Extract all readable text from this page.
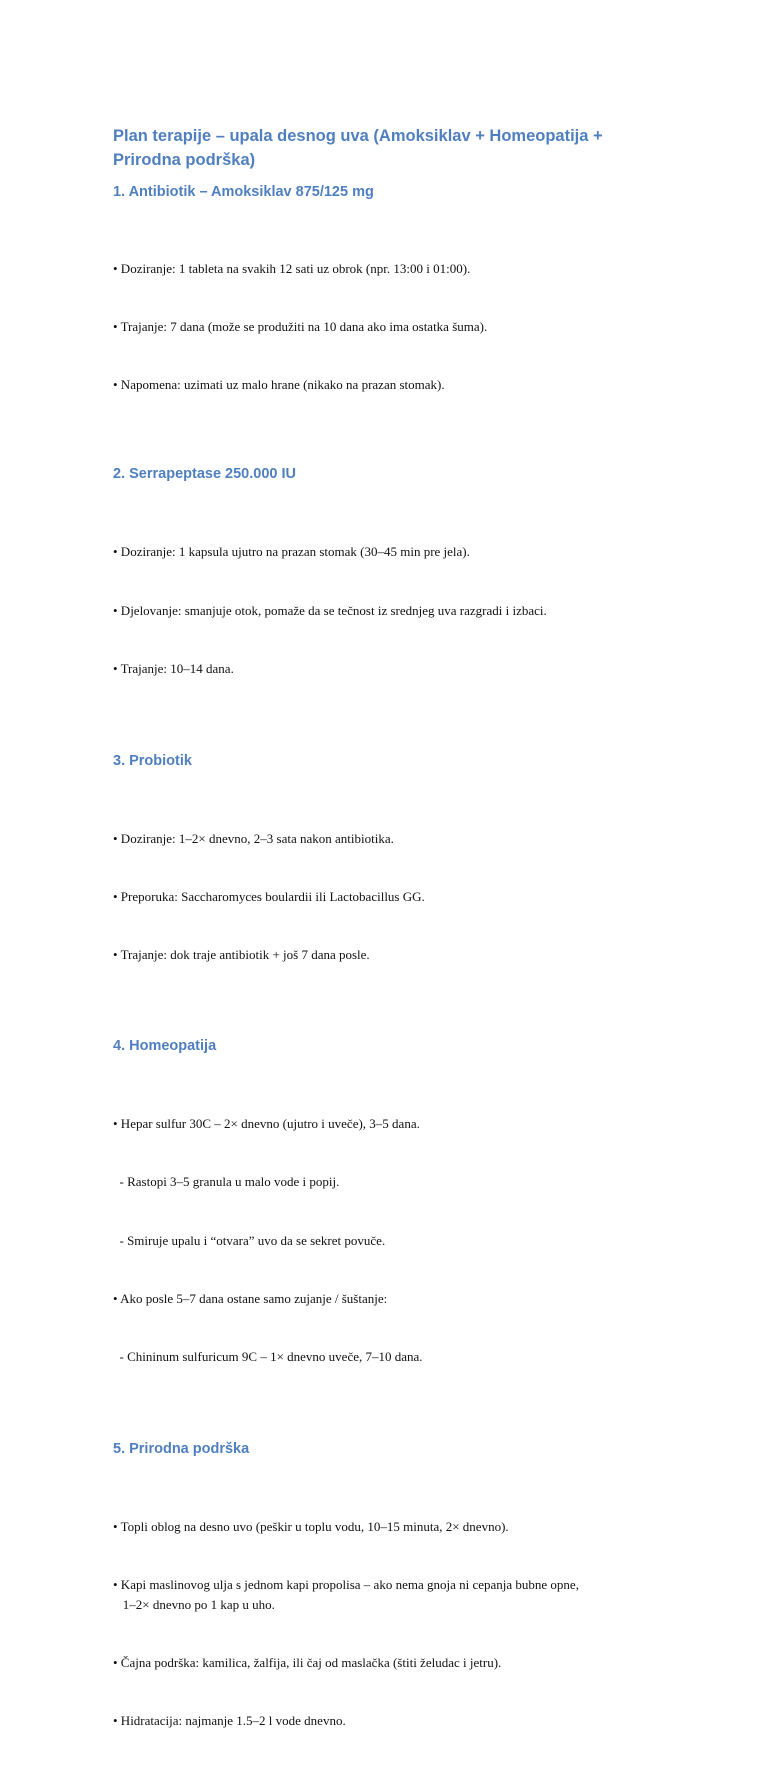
Plan terapije – upala desnog uva (Amoksiklav + Homeopatija + Prirodna podrška)
1. Antibiotik – Amoksiklav 875/125 mg

• Doziranje: 1 tableta na svakih 12 sati uz obrok (npr. 13:00 i 01:00).

• Trajanje: 7 dana (može se produžiti na 10 dana ako ima ostatka šuma).

• Napomena: uzimati uz malo hrane (nikako na prazan stomak).

2. Serrapeptase 250.000 IU

• Doziranje: 1 kapsula ujutro na prazan stomak (30–45 min pre jela).

• Djelovanje: smanjuje otok, pomaže da se tečnost iz srednjeg uva razgradi i izbaci.

• Trajanje: 10–14 dana.

3. Probiotik

• Doziranje: 1–2× dnevno, 2–3 sata nakon antibiotika.

• Preporuka: Saccharomyces boulardii ili Lactobacillus GG.

• Trajanje: dok traje antibiotik + još 7 dana posle.

4. Homeopatija

• Hepar sulfur 30C – 2× dnevno (ujutro i uveče), 3–5 dana.

- Rastopi 3–5 granula u malo vode i popij.

- Smiruje upalu i “otvara” uvo da se sekret povuče.

• Ako posle 5–7 dana ostane samo zujanje / šuštanje:

- Chininum sulfuricum 9C – 1× dnevno uveče, 7–10 dana.

5. Prirodna podrška

• Topli oblog na desno uvo (peškir u toplu vodu, 10–15 minuta, 2× dnevno).

• Kapi maslinovog ulja s jednom kapi propolisa – ako nema gnoja ni cepanja bubne opne,
1–2× dnevno po 1 kap u uho.

• Čajna podrška: kamilica, žalfija, ili čaj od maslačka (štiti želudac i jetru).

• Hidratacija: najmanje 1.5–2 l vode dnevno.
